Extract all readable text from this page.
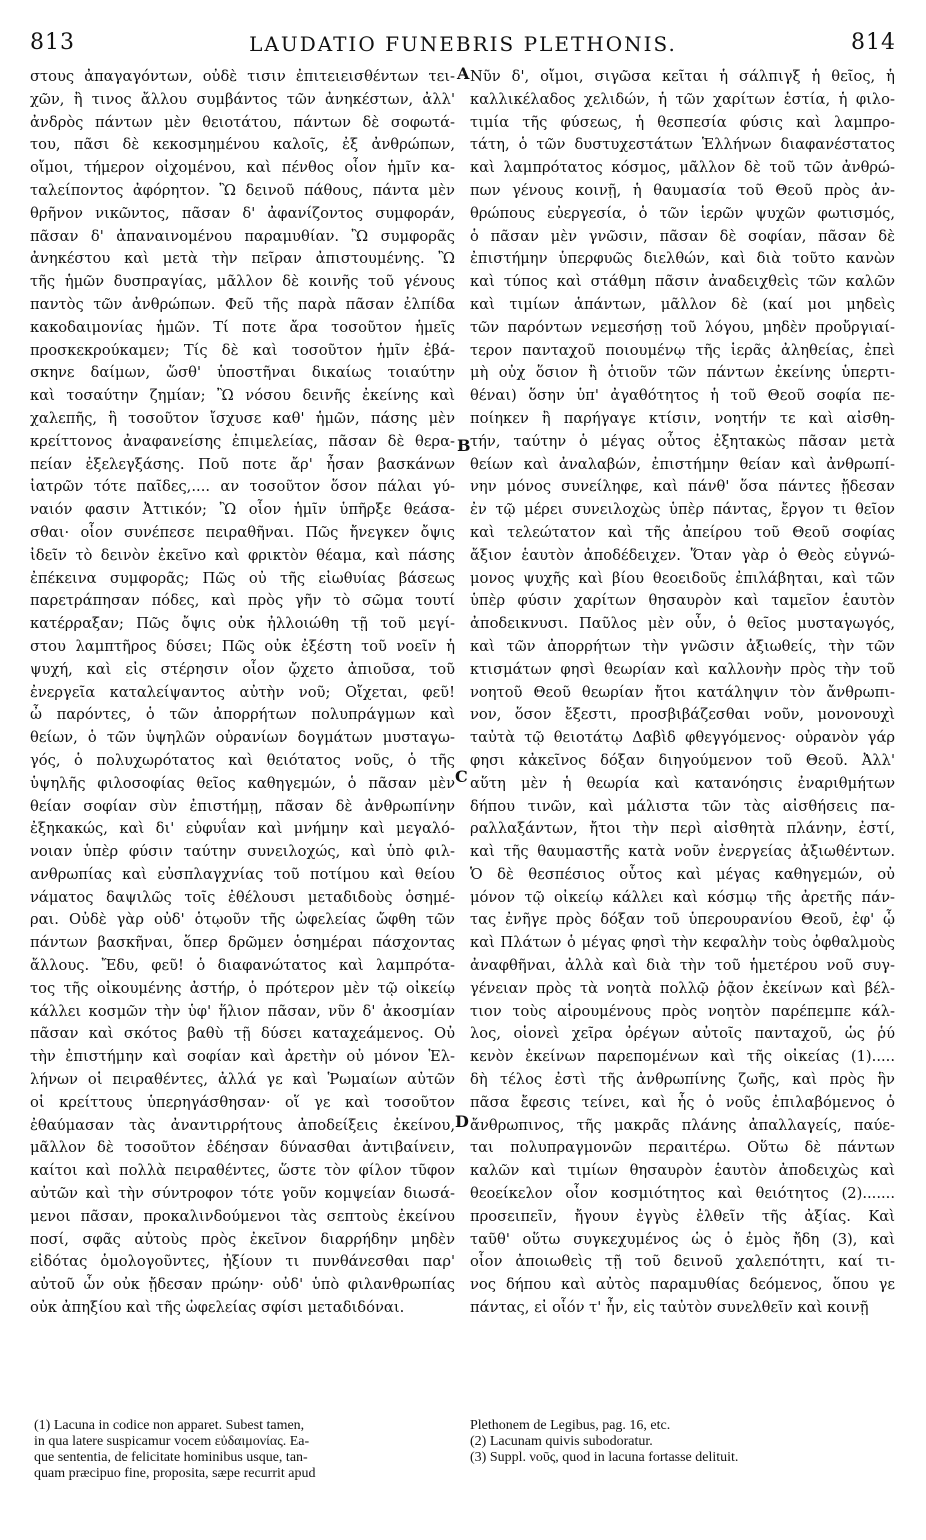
813	LAUDATIO FUNEBRIS PLETHONIS.	814
A
B
C
D
στους ἀπαγαγόντων, οὐδὲ τισιν ἐπιτειεισθέντων τει-
χῶν, ἢ τινος ἄλλου συμβάντος τῶν ἀνηκέστων, ἀλλ'
ἀνδρὸς πάντων μὲν θειοτάτου, πάντων δὲ σοφωτά-
του, πᾶσι δὲ κεκοσμημένου καλοῖς, ἐξ ἀνθρώπων,
οἴμοι, τήμερον οἰχομένου, καὶ πένθος οἷον ἡμῖν κα-
ταλείποντος ἀφόρητον. Ὢ δεινοῦ πάθους, πάντα μὲν
θρῆνον νικῶντος, πᾶσαν δ' ἀφανίζοντος συμφοράν,
πᾶσαν δ' ἀπαναινομένου παραμυθίαν. Ὢ συμφορᾶς
ἀνηκέστου καὶ μετὰ τὴν πεῖραν ἀπιστουμένης. Ὢ
τῆς ἡμῶν δυσπραγίας, μᾶλλον δὲ κοινῆς τοῦ γένους
παντὸς τῶν ἀνθρώπων. Φεῦ τῆς παρὰ πᾶσαν ἐλπίδα
κακοδαιμονίας ἡμῶν. Τί ποτε ἄρα τοσοῦτον ἡμεῖς
προσκεκρούκαμεν; Τίς δὲ καὶ τοσοῦτον ἡμῖν ἐβά-
σκηνε δαίμων, ὥσθ' ὑποστῆναι δικαίως τοιαύτην
καὶ τοσαύτην ζημίαν; Ὢ νόσου δεινῆς ἐκείνης καὶ
χαλεπῆς, ἣ τοσοῦτον ἴσχυσε καθ' ἡμῶν, πάσης μὲν
κρείττονος ἀναφανείσης ἐπιμελείας, πᾶσαν δὲ θερα-
πείαν ἐξελεγξάσης. Ποῦ ποτε ἄρ' ἦσαν βασκάνων
ἰατρῶν τότε παῖδες,.... αν τοσοῦτον ὅσον πάλαι γύ-
ναιόν φασιν Ἀττικόν; Ὢ οἷον ἡμῖν ὑπῆρξε θεάσα-
σθαι· οἷον συνέπεσε πειραθῆναι. Πῶς ἤνεγκεν ὄψις
ἰδεῖν τὸ δεινὸν ἐκεῖνο καὶ φρικτὸν θέαμα, καὶ πάσης
ἐπέκεινα συμφορᾶς; Πῶς οὐ τῆς εἰωθυίας βάσεως
παρετράπησαν πόδες, καὶ πρὸς γῆν τὸ σῶμα τουτί
κατέρραξαν; Πῶς ὄψις οὐκ ἠλλοιώθη τῇ τοῦ μεγί-
στου λαμπτῆρος δύσει; Πῶς οὐκ ἐξέστη τοῦ νοεῖν ἡ
ψυχή, καὶ εἰς στέρησιν οἷον ᾤχετο ἀπιοῦσα, τοῦ
ἐνεργεῖα καταλείψαντος αὐτὴν νοῦ; Οἴχεται, φεῦ!
ὦ παρόντες, ὁ τῶν ἀπορρήτων πολυπράγμων καὶ
θείων, ὁ τῶν ὑψηλῶν οὐρανίων δογμάτων μυσταγω-
γός, ὁ πολυχωρότατος καὶ θειότατος νοῦς, ὁ τῆς
ὑψηλῆς φιλοσοφίας θεῖος καθηγεμών, ὁ πᾶσαν μὲν
θείαν σοφίαν σὺν ἐπιστήμῃ, πᾶσαν δὲ ἀνθρωπίνην
ἐξηκακώς, καὶ δι' εὐφυΐαν καὶ μνήμην καὶ μεγαλό-
νοιαν ὑπὲρ φύσιν ταύτην συνειλοχώς, καὶ ὑπὸ φιλ-
ανθρωπίας καὶ εὐσπλαγχνίας τοῦ ποτίμου καὶ θείου
νάματος δαψιλῶς τοῖς ἐθέλουσι μεταδιδοὺς ὁσημέ-
ραι. Οὐδὲ γὰρ οὐδ' ὁτῳοῦν τῆς ὠφελείας ὤφθη τῶν
πάντων βασκῆναι, ὅπερ δρῶμεν ὁσημέραι πάσχοντας
ἄλλους. Ἔδυ, φεῦ! ὁ διαφανώτατος καὶ λαμπρότα-
τος τῆς οἰκουμένης ἀστήρ, ὁ πρότερον μὲν τῷ οἰκείῳ
κάλλει κοσμῶν τὴν ὑφ' ἥλιον πᾶσαν, νῦν δ' ἀκοσμίαν
πᾶσαν καὶ σκότος βαθὺ τῇ δύσει καταχεάμενος. Οὐ
τὴν ἐπιστήμην καὶ σοφίαν καὶ ἀρετὴν οὐ μόνον Ἑλ-
λήνων οἱ πειραθέντες, ἀλλά γε καὶ Ῥωμαίων αὐτῶν
οἱ κρείττους ὑπερηγάσθησαν· οἵ γε καὶ τοσοῦτον
ἐθαύμασαν τὰς ἀναντιρρήτους ἀποδείξεις ἐκείνου,
μᾶλλον δὲ τοσοῦτον ἐδέησαν δύνασθαι ἀντιβαίνειν,
καίτοι καὶ πολλὰ πειραθέντες, ὥστε τὸν φίλον τῦφον
αὐτῶν καὶ τὴν σύντροφον τότε γοῦν κομψείαν διωσά-
μενοι πᾶσαν, προκαλινδούμενοι τὰς σεπτοὺς ἐκείνου
ποσί, σφᾶς αὐτοὺς πρὸς ἐκεῖνον διαρρήδην μηδὲν
εἰδότας ὁμολογοῦντες, ἠξίουν τι πυνθάνεσθαι παρ'
αὐτοῦ ὧν οὐκ ᾔδεσαν πρώην· οὐδ' ὑπὸ φιλανθρωπίας
οὐκ ἀπηξίου καὶ τῆς ὠφελείας σφίσι μεταδιδόναι.
Νῦν δ', οἴμοι, σιγῶσα κεῖται ἡ σάλπιγξ ἡ θεῖος, ἡ
καλλικέλαδος χελιδών, ἡ τῶν χαρίτων ἑστία, ἡ φιλο-
τιμία τῆς φύσεως, ἡ θεσπεσία φύσις καὶ λαμπρο-
τάτη, ὁ τῶν δυστυχεστάτων Ἑλλήνων διαφανέστατος
καὶ λαμπρότατος κόσμος, μᾶλλον δὲ τοῦ τῶν ἀνθρώ-
πων γένους κοινῇ, ἡ θαυμασία τοῦ Θεοῦ πρὸς ἀν-
θρώπους εὐεργεσία, ὁ τῶν ἱερῶν ψυχῶν φωτισμός,
ὁ πᾶσαν μὲν γνῶσιν, πᾶσαν δὲ σοφίαν, πᾶσαν δὲ
ἐπιστήμην ὑπερφυῶς διελθών, καὶ διὰ τοῦτο κανὼν
καὶ τύπος καὶ στάθμη πᾶσιν ἀναδειχθεὶς τῶν καλῶν
καὶ τιμίων ἁπάντων, μᾶλλον δὲ (καί μοι μηδεὶς
τῶν παρόντων νεμεσήσῃ τοῦ λόγου, μηδὲν προὔργιαί-
τερον πανταχοῦ ποιουμένῳ τῆς ἱερᾶς ἀληθείας, ἐπεὶ
μὴ οὐχ ὅσιον ἢ ὁτιοῦν τῶν πάντων ἐκείνης ὑπερτι-
θέναι) ὅσην ὑπ' ἀγαθότητος ἡ τοῦ Θεοῦ σοφία πε-
ποίηκεν ἢ παρήγαγε κτίσιν, νοητήν τε καὶ αἰσθη-
τήν, ταύτην ὁ μέγας οὗτος ἐξητακὼς πᾶσαν μετὰ
θείων καὶ ἀναλαβών, ἐπιστήμην θείαν καὶ ἀνθρωπί-
νην μόνος συνείληφε, καὶ πάνθ' ὅσα πάντες ᾔδεσαν
ἐν τῷ μέρει συνειλοχὼς ὑπὲρ πάντας, ἔργον τι θεῖον
καὶ τελεώτατον καὶ τῆς ἀπείρου τοῦ Θεοῦ σοφίας
ἄξιον ἑαυτὸν ἀποδέδειχεν. Ὅταν γὰρ ὁ Θεὸς εὐγνώ-
μονος ψυχῆς καὶ βίου θεοειδοῦς ἐπιλάβηται, καὶ τῶν
ὑπὲρ φύσιν χαρίτων θησαυρὸν καὶ ταμεῖον ἑαυτὸν
ἀποδεικνυσι. Παῦλος μὲν οὖν, ὁ θεῖος μυσταγωγός,
καὶ τῶν ἀπορρήτων τὴν γνῶσιν ἀξιωθείς, τὴν τῶν
κτισμάτων φησὶ θεωρίαν καὶ καλλονὴν πρὸς τὴν τοῦ
νοητοῦ Θεοῦ θεωρίαν ἤτοι κατάληψιν τὸν ἄνθρωπι-
νον, ὅσον ἔξεστι, προσβιβάζεσθαι νοῦν, μονονουχὶ
ταὐτὰ τῷ θειοτάτῳ Δαβὶδ φθεγγόμενος· οὐρανὸν γάρ
φησι κἀκεῖνος δόξαν διηγούμενον τοῦ Θεοῦ. Ἀλλ'
αὕτη μὲν ἡ θεωρία καὶ κατανόησις ἐναριθμήτων
δήπου τινῶν, καὶ μάλιστα τῶν τὰς αἰσθήσεις πα-
ραλλαξάντων, ἤτοι τὴν περὶ αἰσθητὰ πλάνην, ἐστί,
καὶ τῆς θαυμαστῆς κατὰ νοῦν ἐνεργείας ἀξιωθέντων.
Ὁ δὲ θεσπέσιος οὗτος καὶ μέγας καθηγεμών, οὐ
μόνον τῷ οἰκείῳ κάλλει καὶ κόσμῳ τῆς ἀρετῆς πάν-
τας ἐνῆγε πρὸς δόξαν τοῦ ὑπερουρανίου Θεοῦ, ἐφ' ᾧ
καὶ Πλάτων ὁ μέγας φησὶ τὴν κεφαλὴν τοὺς ὀφθαλμοὺς
ἀναφθῆναι, ἀλλὰ καὶ διὰ τὴν τοῦ ἡμετέρου νοῦ συγ-
γένειαν πρὸς τὰ νοητὰ πολλῷ ῥᾷον ἐκείνων καὶ βέλ-
τιον τοὺς αἱρουμένους πρὸς νοητὸν παρέπεμπε κάλ-
λος, οἱονεὶ χεῖρα ὀρέγων αὐτοῖς πανταχοῦ, ὡς ῥύ
κενὸν ἐκείνων παρεπομένων καὶ τῆς οἰκείας (1).....
δὴ τέλος ἐστὶ τῆς ἀνθρωπίνης ζωῆς, καὶ πρὸς ἣν
πᾶσα ἔφεσις τείνει, καὶ ἧς ὁ νοῦς ἐπιλαβόμενος ὁ
ἄνθρωπινος, τῆς μακρᾶς πλάνης ἀπαλλαγείς, παύε-
ται πολυπραγμονῶν περαιτέρω. Οὕτω δὲ πάντων
καλῶν καὶ τιμίων θησαυρὸν ἑαυτὸν ἀποδειχὼς καὶ
θεοείκελον οἷον κοσμιότητος καὶ θειότητος (2).......
προσειπεῖν, ἤγουν ἐγγὺς ἐλθεῖν τῆς ἀξίας. Καὶ
ταῦθ' οὕτω συγκεχυμένος ὡς ὁ ἐμὸς ἤδη (3), καὶ
οἷον ἀποιωθεὶς τῇ τοῦ δεινοῦ χαλεπότητι, καί τι-
νος δήπου καὶ αὐτὸς παραμυθίας δεόμενος, ὅπου γε
πάντας, εἰ οἷόν τ' ἦν, εἰς ταὐτὸν συνελθεῖν καὶ κοινῇ
(1) Lacuna in codice non apparet. Subest tamen,
in qua latere suspicamur vocem εὐδαιμονίας. Ea-
que sententia, de felicitate hominibus usque, tan-
quam præcipuo fine, proposita, sæpe recurrit apud
Plethonem de Legibus, pag. 16, etc.
(2) Lacunam quivis subodoratur.
(3) Suppl. νοῦς, quod in lacuna fortasse delituit.
